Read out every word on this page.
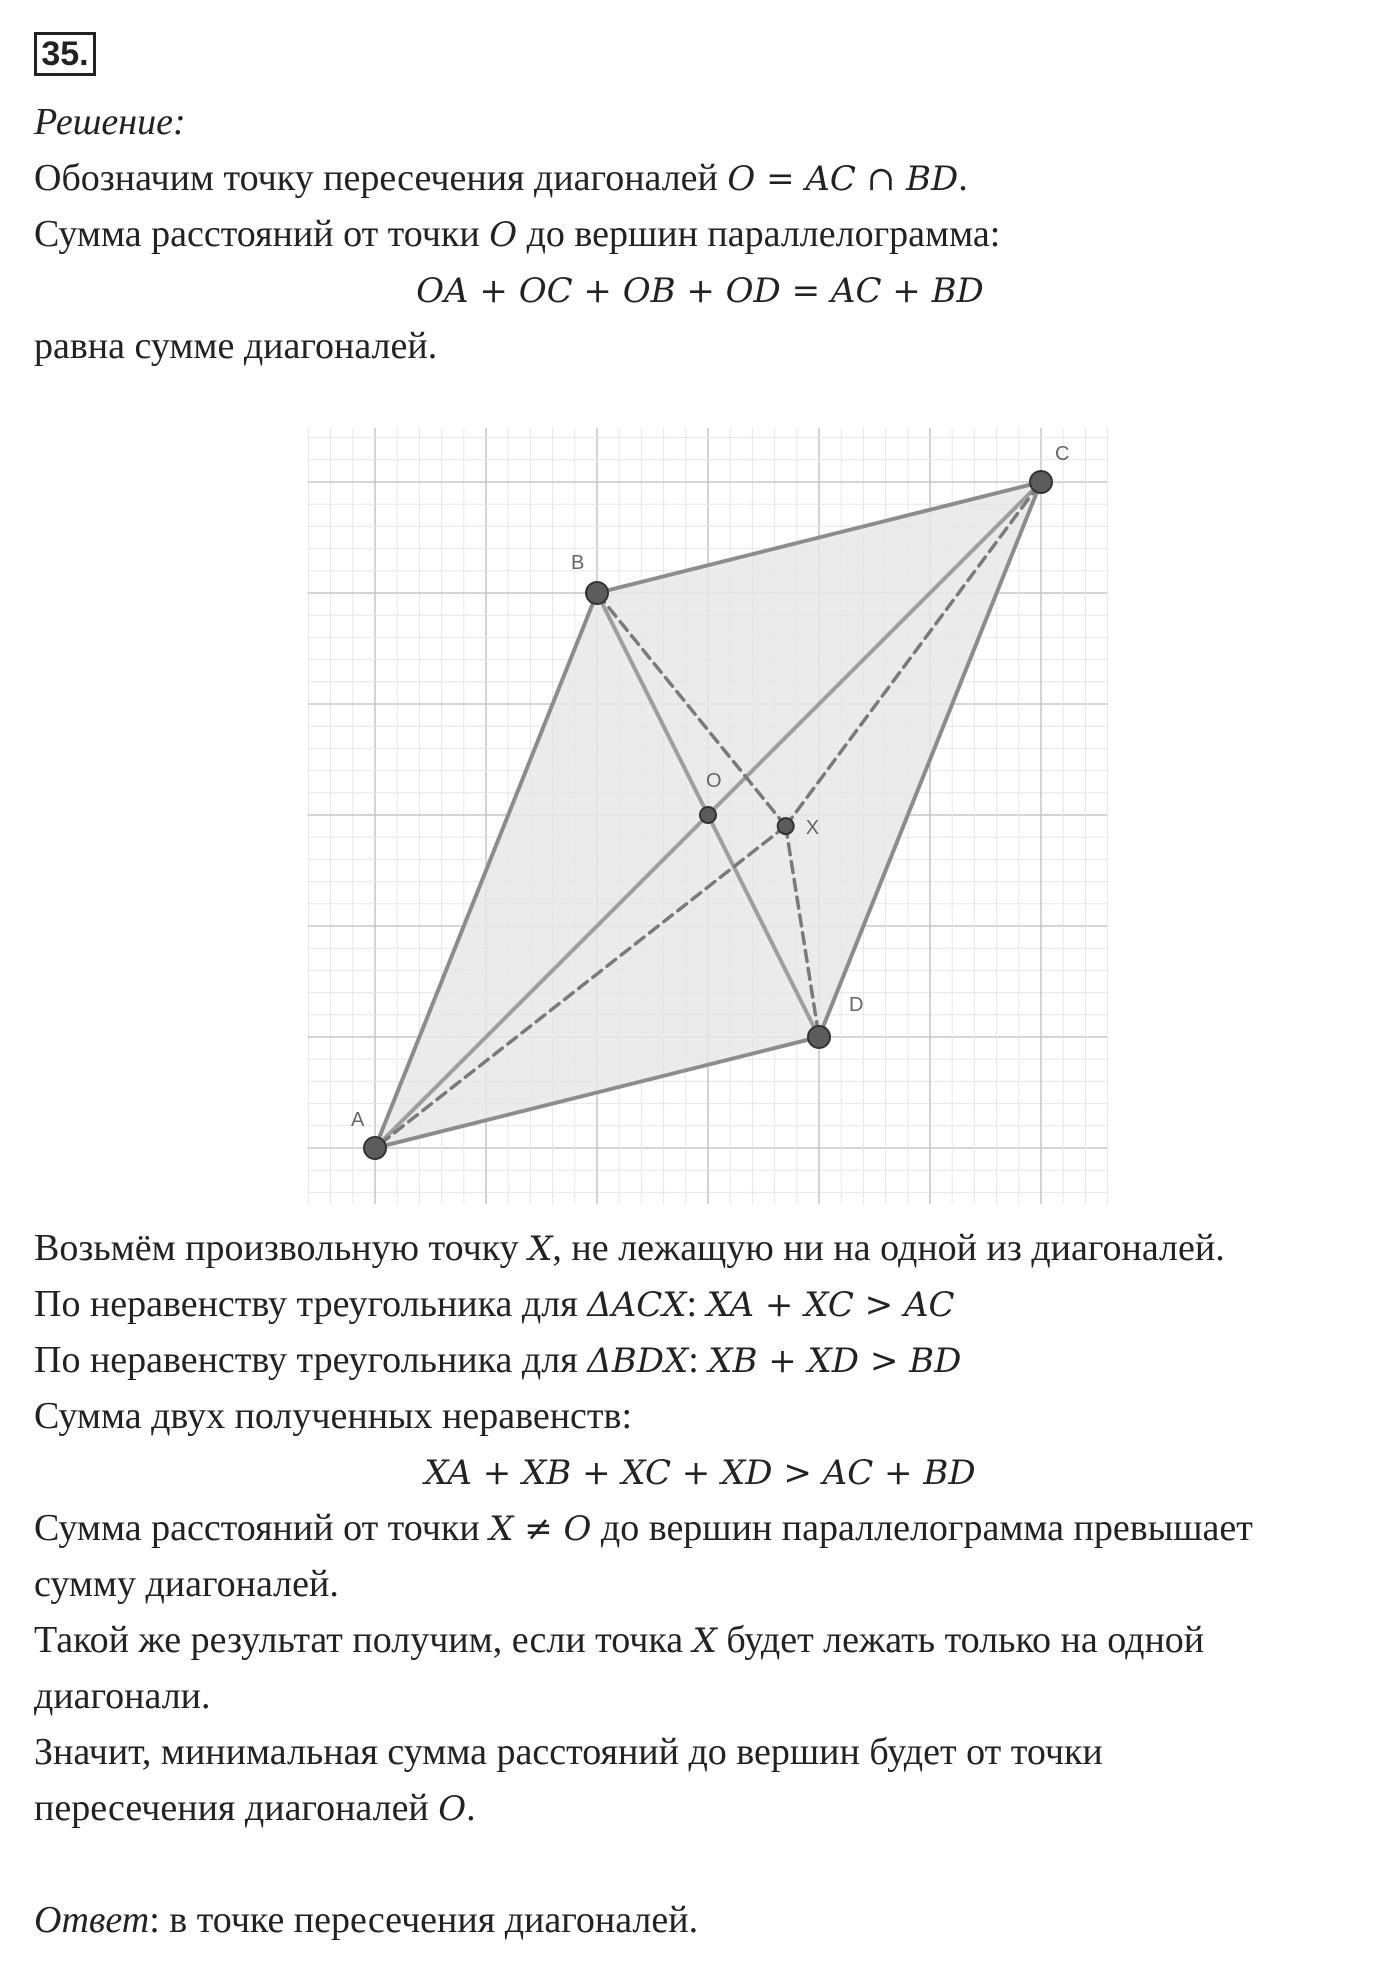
35.
Решение:
Обозначим точку пересечения диагоналей O = AC ∩ BD.
Сумма расстояний от точки O до вершин параллелограмма:
OA + OC + OB + OD = AC + BD
равна сумме диагоналей.
A
B
C
D
O
X
Возьмём произвольную точку X, не лежащую ни на одной из диагоналей.
По неравенству треугольника для ΔACX: XA + XC > AC
По неравенству треугольника для ΔBDX: XB + XD > BD
Сумма двух полученных неравенств:
XA + XB + XC + XD > AC + BD
Сумма расстояний от точки X ≠ O до вершин параллелограмма превышает
сумму диагоналей.
Такой же результат получим, если точка X будет лежать только на одной
диагонали.
Значит, минимальная сумма расстояний до вершин будет от точки
пересечения диагоналей O.
Ответ: в точке пересечения диагоналей.
